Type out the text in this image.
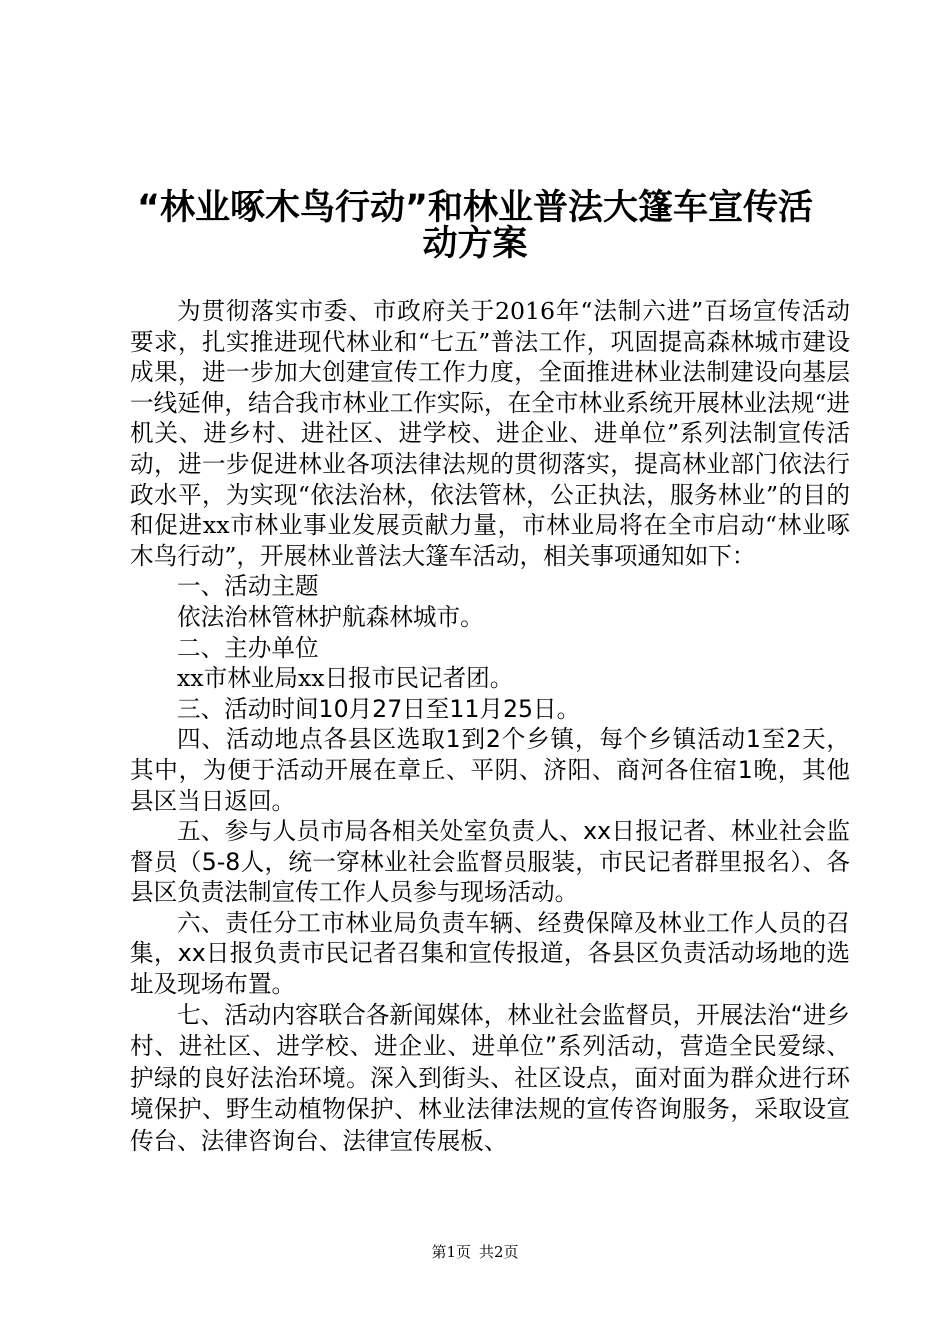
“林业啄木鸟行动”和林业普法大篷车宣传活
动方案

为贯彻落实市委、市政府关于2016年“法制六进”百场宣传活动要求，扎实推进现代林业和“七五”普法工作，巩固提高森林城市建设成果，进一步加大创建宣传工作力度，全面推进林业法制建设向基层一线延伸，结合我市林业工作实际，在全市林业系统开展林业法规“进机关、进乡村、进社区、进学校、进企业、进单位”系列法制宣传活动，进一步促进林业各项法律法规的贯彻落实，提高林业部门依法行政水平，为实现“依法治林，依法管林，公正执法，服务林业”的目的和促进xx市林业事业发展贡献力量，市林业局将在全市启动“林业啄木鸟行动”，开展林业普法大篷车活动，相关事项通知如下：

一、活动主题

依法治林管林护航森林城市。

二、主办单位

xx市林业局xx日报市民记者团。

三、活动时间10月27日至11月25日。

四、活动地点各县区选取1到2个乡镇，每个乡镇活动1至2天，其中，为便于活动开展在章丘、平阴、济阳、商河各住宿1晚，其他县区当日返回。

五、参与人员市局各相关处室负责人、xx日报记者、林业社会监督员（5-8人，统一穿林业社会监督员服装，市民记者群里报名）、各县区负责法制宣传工作人员参与现场活动。

六、责任分工市林业局负责车辆、经费保障及林业工作人员的召集，xx日报负责市民记者召集和宣传报道，各县区负责活动场地的选址及现场布置。

七、活动内容联合各新闻媒体，林业社会监督员，开展法治“进乡村、进社区、进学校、进企业、进单位”系列活动，营造全民爱绿、护绿的良好法治环境。深入到街头、社区设点，面对面为群众进行环境保护、野生动植物保护、林业法律法规的宣传咨询服务，采取设宣传台、法律咨询台、法律宣传展板、

第1页 共2页
